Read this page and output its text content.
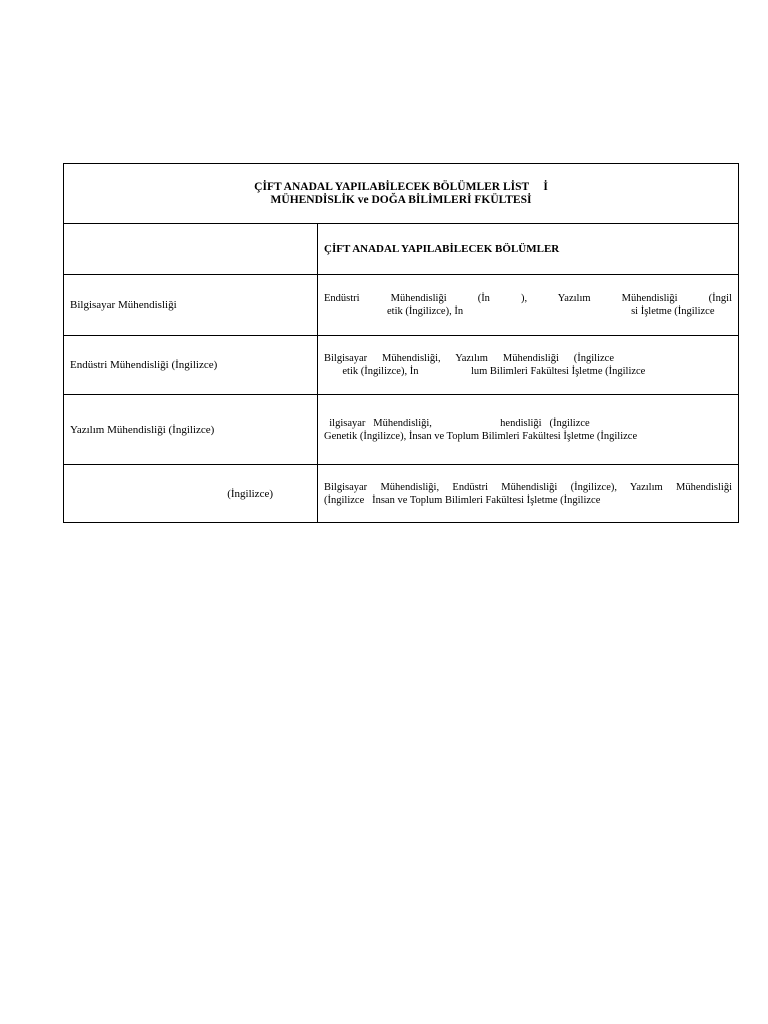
ÇİFT ANADAL YAPILABİLECEK BÖLÜMLER LİST     İ
MÜHENDİSLİK ve DOĞA BİLİMLERİ FKÜLTESİ	

	ÇİFT ANADAL YAPILABİLECEK BÖLÜMLER
Bilgisayar Mühendisliği	Endüstri Mühendisliği (İn ), Yazılım Mühendisliği (İngil
etik (İngilizce), İn                                                                si İşletme (İngilizce

Endüstri Mühendisliği (İngilizce)	Bilgisayar Mühendisliği, Yazılım Mühendisliği (İngilizce
etik (İngilizce), İn                    lum Bilimleri Fakültesi İşletme (İngilizce

Yazılım Mühendisliği (İngilizce)	ilgisayar   Mühendisliği,                          hendisliği   (İngilizce
Genetik (İngilizce), İnsan ve Toplum Bilimleri Fakültesi İşletme (İngilizce

(İngilizce)	Bilgisayar Mühendisliği, Endüstri Mühendisliği (İngilizce), Yazılım Mühendisliği
(İngilizce   İnsan ve Toplum Bilimleri Fakültesi İşletme (İngilizce
